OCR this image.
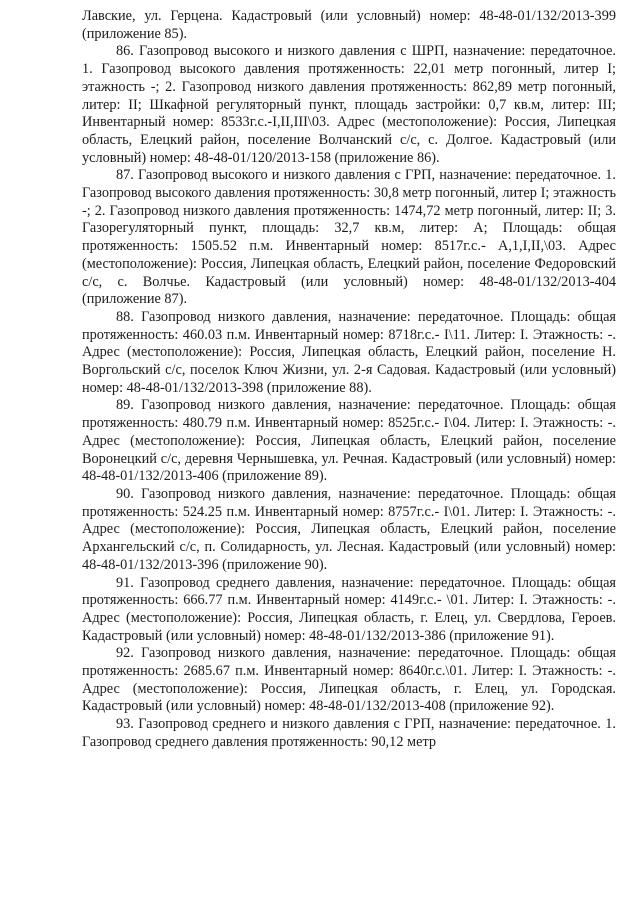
Лавские, ул. Герцена. Кадастровый (или условный) номер: 48-48-01/132/2013-399 (приложение 85).

86. Газопровод высокого и низкого давления с ШРП, назначение: передаточное. 1. Газопровод высокого давления протяженность: 22,01 метр погонный, литер I; этажность -; 2. Газопровод низкого давления протяженность: 862,89 метр погонный, литер: II; Шкафной регуляторный пункт, площадь застройки: 0,7 кв.м, литер: III; Инвентарный номер: 8533г.с.-I,II,III\03. Адрес (местоположение): Россия, Липецкая область, Елецкий район, поселение Волчанский с/с, с. Долгое. Кадастровый (или условный) номер: 48-48-01/120/2013-158 (приложение 86).

87. Газопровод высокого и низкого давления с ГРП, назначение: передаточное. 1. Газопровод высокого давления протяженность: 30,8 метр погонный, литер I; этажность -; 2. Газопровод низкого давления протяженность: 1474,72 метр погонный, литер: II; 3. Газорегуляторный пункт, площадь: 32,7 кв.м, литер: А; Площадь: общая протяженность: 1505.52 п.м. Инвентарный номер: 8517г.с.- А,1,I,II,\03. Адрес (местоположение): Россия, Липецкая область, Елецкий район, поселение Федоровский с/с, с. Волчье. Кадастровый (или условный) номер: 48-48-01/132/2013-404 (приложение 87).

88. Газопровод низкого давления, назначение: передаточное. Площадь: общая протяженность: 460.03 п.м. Инвентарный номер: 8718г.с.- I\11. Литер: I. Этажность: -. Адрес (местоположение): Россия, Липецкая область, Елецкий район, поселение Н. Воргольский с/с, поселок Ключ Жизни, ул. 2-я Садовая. Кадастровый (или условный) номер: 48-48-01/132/2013-398 (приложение 88).

89. Газопровод низкого давления, назначение: передаточное. Площадь: общая протяженность: 480.79 п.м. Инвентарный номер: 8525г.с.- I\04. Литер: I. Этажность: -. Адрес (местоположение): Россия, Липецкая область, Елецкий район, поселение Воронецкий с/с, деревня Чернышевка, ул. Речная. Кадастровый (или условный) номер: 48-48-01/132/2013-406 (приложение 89).

90. Газопровод низкого давления, назначение: передаточное. Площадь: общая протяженность: 524.25 п.м. Инвентарный номер: 8757г.с.- I\01. Литер: I. Этажность: -. Адрес (местоположение): Россия, Липецкая область, Елецкий район, поселение Архангельский с/с, п. Солидарность, ул. Лесная. Кадастровый (или условный) номер: 48-48-01/132/2013-396 (приложение 90).

91. Газопровод среднего давления, назначение: передаточное. Площадь: общая протяженность: 666.77 п.м. Инвентарный номер: 4149г.с.- \01. Литер: I. Этажность: -. Адрес (местоположение): Россия, Липецкая область, г. Елец, ул. Свердлова, Героев. Кадастровый (или условный) номер: 48-48-01/132/2013-386 (приложение 91).

92. Газопровод низкого давления, назначение: передаточное. Площадь: общая протяженность: 2685.67 п.м. Инвентарный номер: 8640г.с.\01. Литер: I. Этажность: -. Адрес (местоположение): Россия, Липецкая область, г. Елец, ул. Городская. Кадастровый (или условный) номер: 48-48-01/132/2013-408 (приложение 92).

93. Газопровод среднего и низкого давления с ГРП, назначение: передаточное. 1. Газопровод среднего давления протяженность: 90,12 метр
